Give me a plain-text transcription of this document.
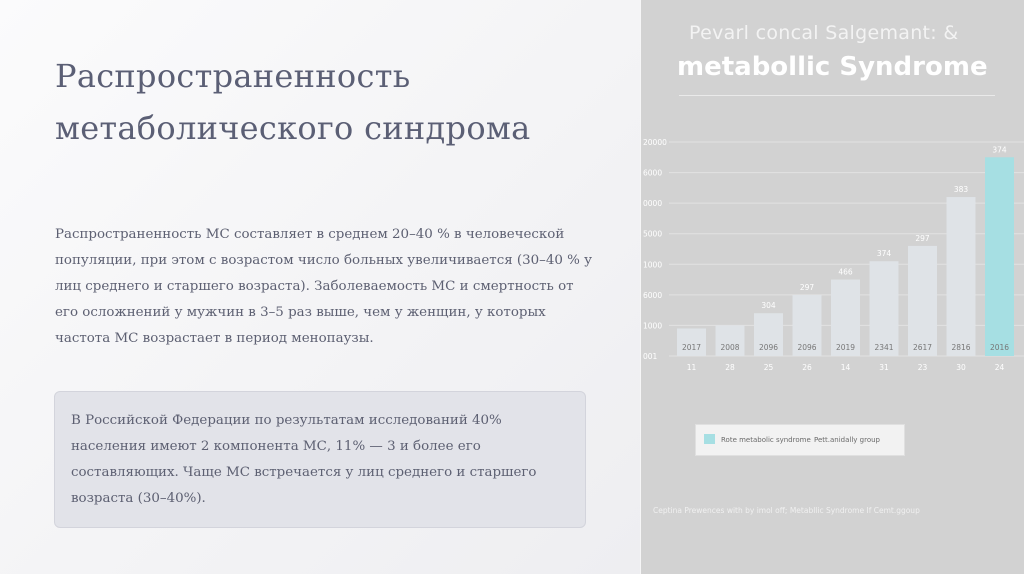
Распространенность метаболического синдрома
Распространенность МС составляет в среднем 20–40 % в человеческой популяции, при этом с возрастом число больных увеличивается (30–40 % у лиц среднего и старшего возраста). Заболеваемость МС и смертность от его осложнений у мужчин в 3–5 раз выше, чем у женщин, у которых частота МС возрастает в период менопаузы.
В Российской Федерации по результатам исследований 40% населения имеют 2 компонента МС, 11% — 3 и более его составляющих. Чаще МС встречается у лиц среднего и старшего возраста (30–40%).
Pevarl concal Salgemant: &
metabollic Syndrome
20000
6000
0000
5000
1000
6000
1000
001
2017
11
2008
28
2096
304
25
2096
297
26
2019
466
14
2341
374
31
2617
297
23
2816
383
30
2016
374
24
Rote metabolic syndrome Pett.anidally group
Ceptina Prewences with by imol off; Metabllic Syndrome If Cemt.ggoup
